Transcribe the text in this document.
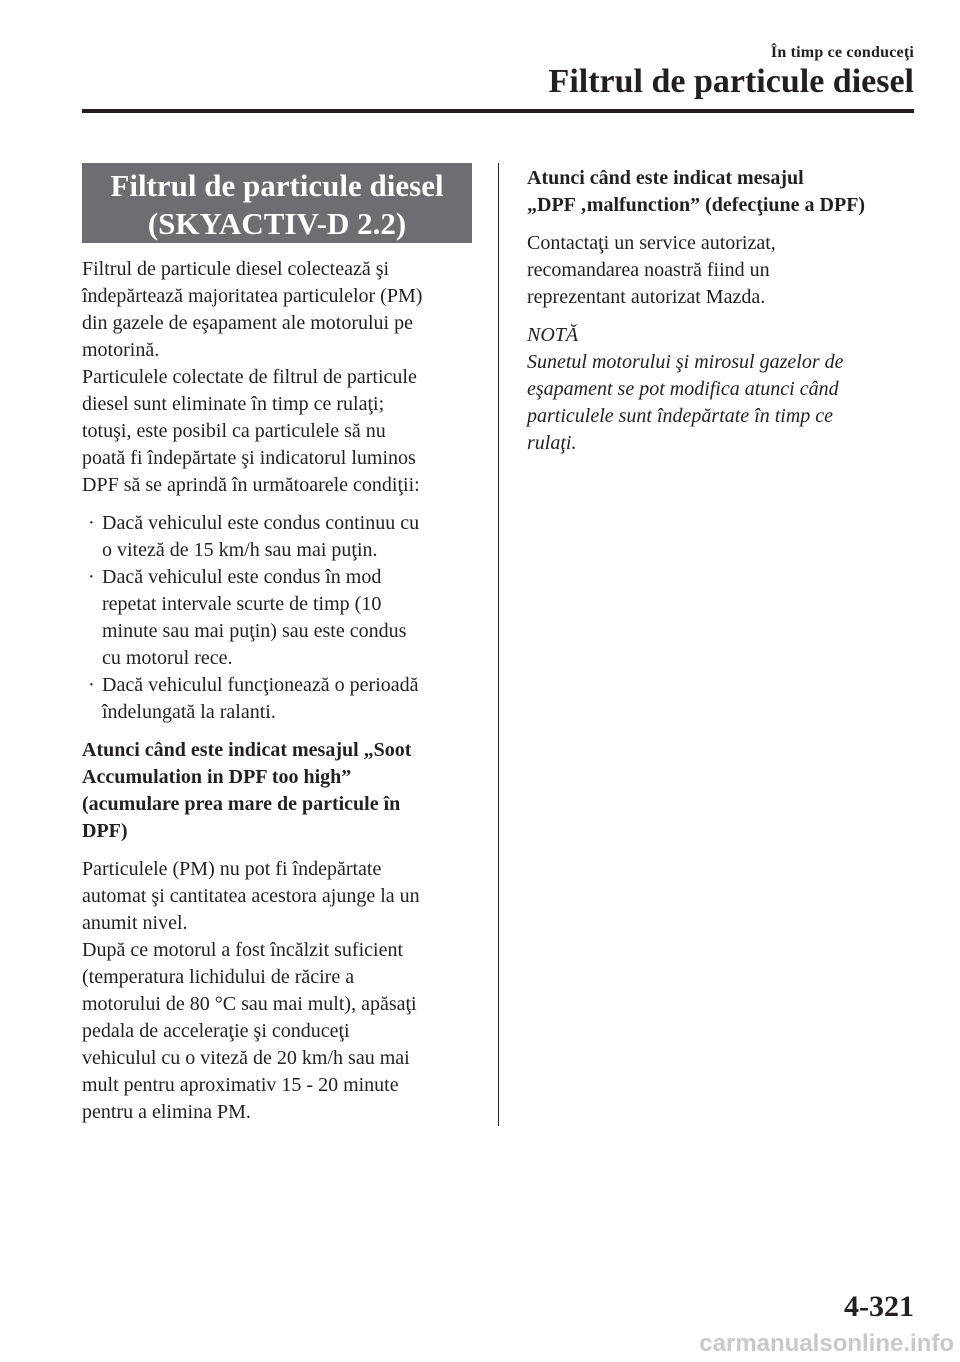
În timp ce conduceţi
Filtrul de particule diesel
Filtrul de particule diesel
(SKYACTIV-D 2.2)

Filtrul de particule diesel colectează şi
îndepărtează majoritatea particulelor (PM)
din gazele de eşapament ale motorului pe
motorină.
Particulele colectate de filtrul de particule
diesel sunt eliminate în timp ce rulaţi;
totuşi, este posibil ca particulele să nu
poată fi îndepărtate şi indicatorul luminos
DPF să se aprindă în următoarele condiţii:

· Dacă vehiculul este condus continuu cu
o viteză de 15 km/h sau mai puţin.
· Dacă vehiculul este condus în mod
repetat intervale scurte de timp (10
minute sau mai puţin) sau este condus
cu motorul rece.
· Dacă vehiculul funcţionează o perioadă
îndelungată la ralanti.

Atunci când este indicat mesajul „Soot
Accumulation in DPF too high”
(acumulare prea mare de particule în
DPF)

Particulele (PM) nu pot fi îndepărtate
automat şi cantitatea acestora ajunge la un
anumit nivel.
După ce motorul a fost încălzit suficient
(temperatura lichidului de răcire a
motorului de 80 °C sau mai mult), apăsaţi
pedala de acceleraţie şi conduceţi
vehiculul cu o viteză de 20 km/h sau mai
mult pentru aproximativ 15 - 20 minute
pentru a elimina PM.

Atunci când este indicat mesajul
„DPF ‚malfunction” (defecţiune a DPF)

Contactaţi un service autorizat,
recomandarea noastră fiind un
reprezentant autorizat Mazda.

NOTĂ

Sunetul motorului şi mirosul gazelor de
eşapament se pot modifica atunci când
particulele sunt îndepărtate în timp ce
rulaţi.

4-321
carmanualsonline.info
